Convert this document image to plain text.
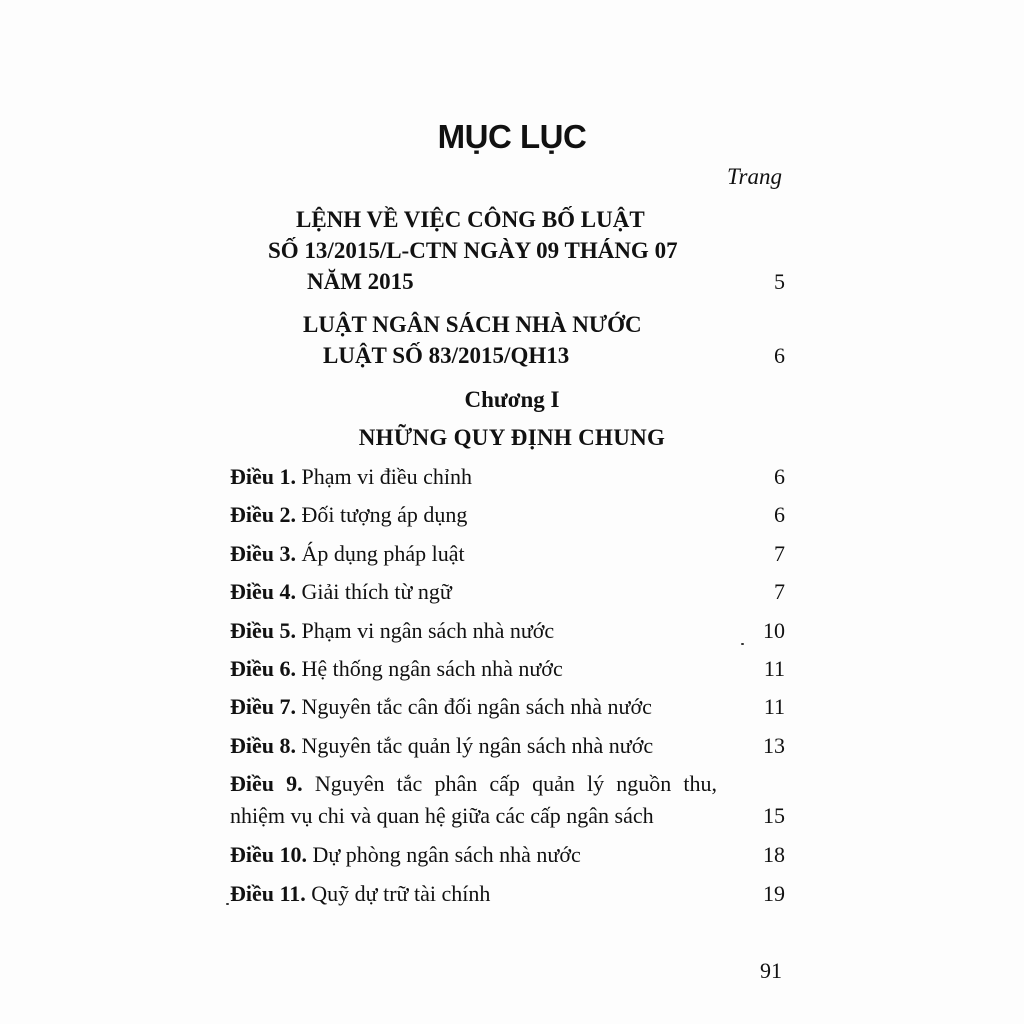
MỤC LỤC
Trang
LỆNH VỀ VIỆC CÔNG BỐ LUẬT
SỐ 13/2015/L-CTN NGÀY 09 THÁNG 07
NĂM 2015	5
LUẬT NGÂN SÁCH NHÀ NƯỚC
LUẬT SỐ 83/2015/QH13	6
Chương I
NHỮNG QUY ĐỊNH CHUNG
Điều 1. Phạm vi điều chỉnh	6
Điều 2. Đối tượng áp dụng	6
Điều 3. Áp dụng pháp luật	7
Điều 4. Giải thích từ ngữ	7
Điều 5. Phạm vi ngân sách nhà nước	10
Điều 6. Hệ thống ngân sách nhà nước	11
Điều 7. Nguyên tắc cân đối ngân sách nhà nước	11
Điều 8. Nguyên tắc quản lý ngân sách nhà nước	13
Điều 9. Nguyên tắc phân cấp quản lý nguồn thu, nhiệm vụ chi và quan hệ giữa các cấp ngân sách	15
Điều 10. Dự phòng ngân sách nhà nước	18
Điều 11. Quỹ dự trữ tài chính	19
91
